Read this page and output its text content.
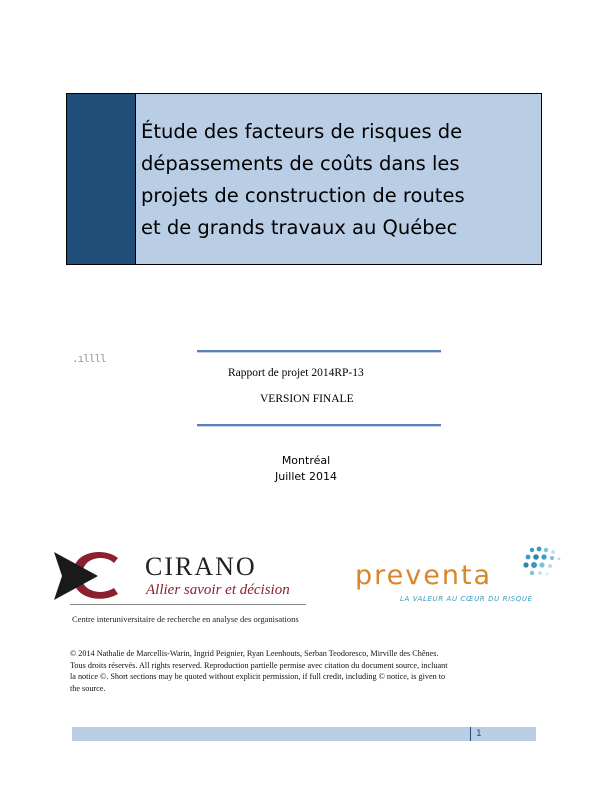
Étude des facteurs de risques de
dépassements de coûts dans les
projets de construction de routes
et de grands travaux au Québec
.ıllll
Rapport de projet 2014RP-13
VERSION FINALE
Montréal
Juillet 2014
CIRANO
Allier savoir et décision
Centre interuniversitaire de recherche en analyse des organisations
preventa
LA VALEUR AU CŒUR DU RISQUE
© 2014 Nathalie de Marcellis-Warin, Ingrid Peignier, Ryan Leenhouts, Serban Teodoresco, Mirville des Chênes.
Tous droits réservés. All rights reserved. Reproduction partielle permise avec citation du document source, incluant
la notice ©. Short sections may be quoted without explicit permission, if full credit, including © notice, is given to
the source.
1
